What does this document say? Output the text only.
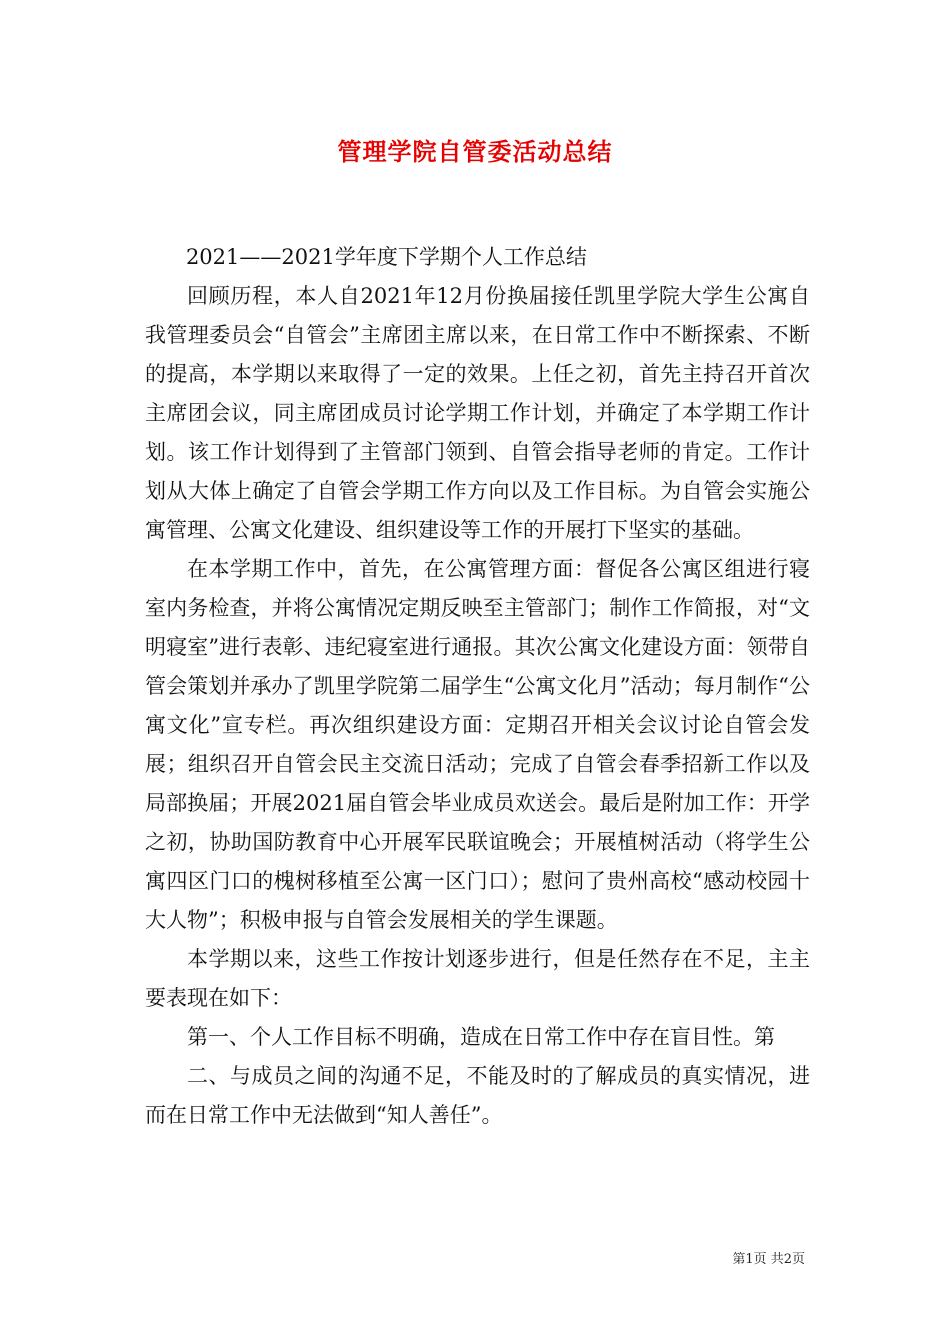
管理学院自管委活动总结

2021——2021学年度下学期个人工作总结

回顾历程，本人自2021年12月份换届接任凯里学院大学生公寓自我管理委员会“自管会”主席团主席以来，在日常工作中不断探索、不断的提高，本学期以来取得了一定的效果。上任之初，首先主持召开首次主席团会议，同主席团成员讨论学期工作计划，并确定了本学期工作计划。该工作计划得到了主管部门领到、自管会指导老师的肯定。工作计划从大体上确定了自管会学期工作方向以及工作目标。为自管会实施公寓管理、公寓文化建设、组织建设等工作的开展打下坚实的基础。

在本学期工作中，首先，在公寓管理方面：督促各公寓区组进行寝室内务检查，并将公寓情况定期反映至主管部门；制作工作简报，对“文明寝室”进行表彰、违纪寝室进行通报。其次公寓文化建设方面：领带自管会策划并承办了凯里学院第二届学生“公寓文化月”活动；每月制作“公寓文化”宣专栏。再次组织建设方面：定期召开相关会议讨论自管会发展；组织召开自管会民主交流日活动；完成了自管会春季招新工作以及局部换届；开展2021届自管会毕业成员欢送会。最后是附加工作：开学之初，协助国防教育中心开展军民联谊晚会；开展植树活动（将学生公寓四区门口的槐树移植至公寓一区门口）；慰问了贵州高校“感动校园十大人物”；积极申报与自管会发展相关的学生课题。

本学期以来，这些工作按计划逐步进行，但是任然存在不足，主主要表现在如下：

第一、个人工作目标不明确，造成在日常工作中存在盲目性。第

二、与成员之间的沟通不足，不能及时的了解成员的真实情况，进而在日常工作中无法做到“知人善任”。

第1页 共2页
